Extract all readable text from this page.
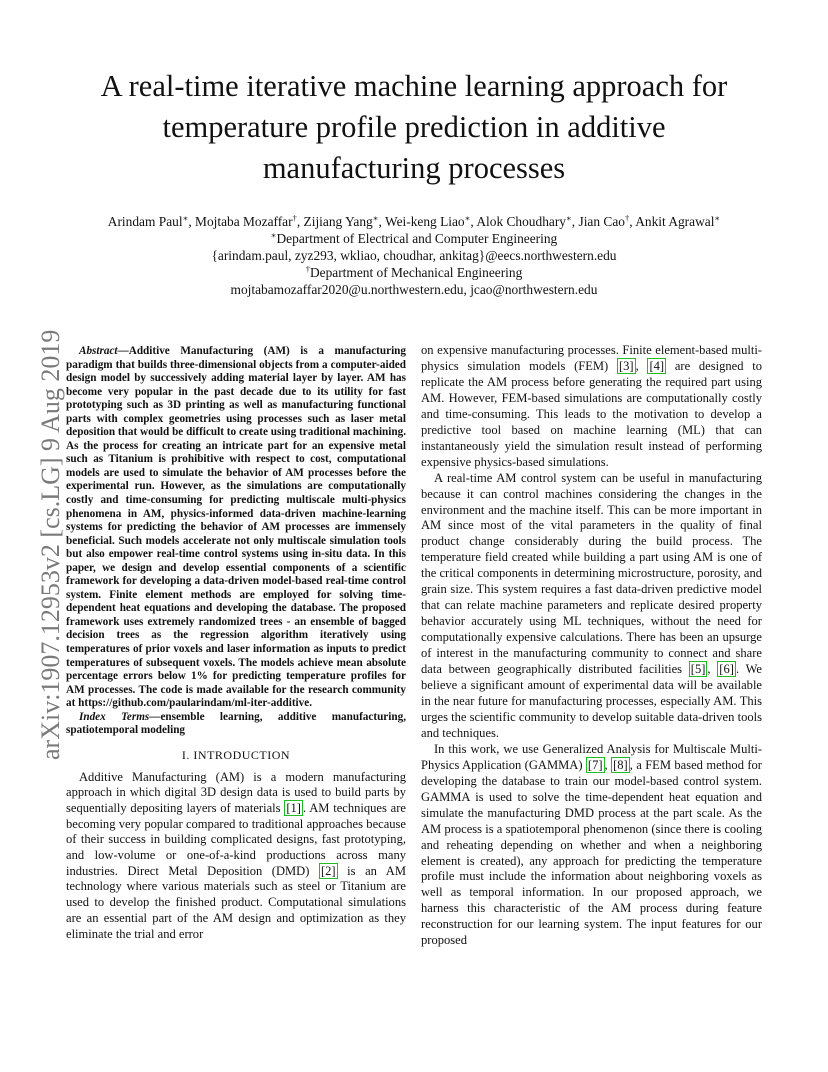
arXiv:1907.12953v2 [cs.LG] 9 Aug 2019
A real-time iterative machine learning approach for
temperature profile prediction in additive
manufacturing processes
Arindam Paul∗, Mojtaba Mozaffar†, Zijiang Yang∗, Wei-keng Liao∗, Alok Choudhary∗, Jian Cao†, Ankit Agrawal∗
∗Department of Electrical and Computer Engineering
{arindam.paul, zyz293, wkliao, choudhar, ankitag}@eecs.northwestern.edu
†Department of Mechanical Engineering
mojtabamozaffar2020@u.northwestern.edu, jcao@northwestern.edu

Abstract—Additive Manufacturing (AM) is a manufacturing paradigm that builds three-dimensional objects from a computer-aided design model by successively adding material layer by layer. AM has become very popular in the past decade due to its utility for fast prototyping such as 3D printing as well as manufacturing functional parts with complex geometries using processes such as laser metal deposition that would be difficult to create using traditional machining. As the process for creating an intricate part for an expensive metal such as Titanium is prohibitive with respect to cost, computational models are used to simulate the behavior of AM processes before the experimental run. However, as the simulations are computationally costly and time-consuming for predicting multiscale multi-physics phenomena in AM, physics-informed data-driven machine-learning systems for predicting the behavior of AM processes are immensely beneficial. Such models accelerate not only multiscale simulation tools but also empower real-time control systems using in-situ data. In this paper, we design and develop essential components of a scientific framework for developing a data-driven model-based real-time control system. Finite element methods are employed for solving time-dependent heat equations and developing the database. The proposed framework uses extremely randomized trees - an ensemble of bagged decision trees as the regression algorithm iteratively using temperatures of prior voxels and laser information as inputs to predict temperatures of subsequent voxels. The models achieve mean absolute percentage errors below 1% for predicting temperature profiles for AM processes. The code is made available for the research community at https://github.com/paularindam/ml-iter-additive.

Index Terms—ensemble learning, additive manufacturing, spatiotemporal modeling

I. INTRODUCTION

Additive Manufacturing (AM) is a modern manufacturing approach in which digital 3D design data is used to build parts by sequentially depositing layers of materials [1] . AM techniques are becoming very popular compared to traditional approaches because of their success in building complicated designs, fast prototyping, and low-volume or one-of-a-kind productions across many industries. Direct Metal Deposition (DMD) [2] is an AM technology where various materials such as steel or Titanium are used to develop the finished product. Computational simulations are an essential part of the AM design and optimization as they eliminate the trial and error

on expensive manufacturing processes. Finite element-based multi-physics simulation models (FEM) [3] , [4] are designed to replicate the AM process before generating the required part using AM. However, FEM-based simulations are computationally costly and time-consuming. This leads to the motivation to develop a predictive tool based on machine learning (ML) that can instantaneously yield the simulation result instead of performing expensive physics-based simulations.

A real-time AM control system can be useful in manufacturing because it can control machines considering the changes in the environment and the machine itself. This can be more important in AM since most of the vital parameters in the quality of final product change considerably during the build process. The temperature field created while building a part using AM is one of the critical components in determining microstructure, porosity, and grain size. This system requires a fast data-driven predictive model that can relate machine parameters and replicate desired property behavior accurately using ML techniques, without the need for computationally expensive calculations. There has been an upsurge of interest in the manufacturing community to connect and share data between geographically distributed facilities [5] , [6] . We believe a significant amount of experimental data will be available in the near future for manufacturing processes, especially AM. This urges the scientific community to develop suitable data-driven tools and techniques.

In this work, we use Generalized Analysis for Multiscale Multi-Physics Application (GAMMA) [7] , [8] , a FEM based method for developing the database to train our model-based control system. GAMMA is used to solve the time-dependent heat equation and simulate the manufacturing DMD process at the part scale. As the AM process is a spatiotemporal phenomenon (since there is cooling and reheating depending on whether and when a neighboring element is created), any approach for predicting the temperature profile must include the information about neighboring voxels as well as temporal information. In our proposed approach, we harness this characteristic of the AM process during feature reconstruction for our learning system. The input features for our proposed
